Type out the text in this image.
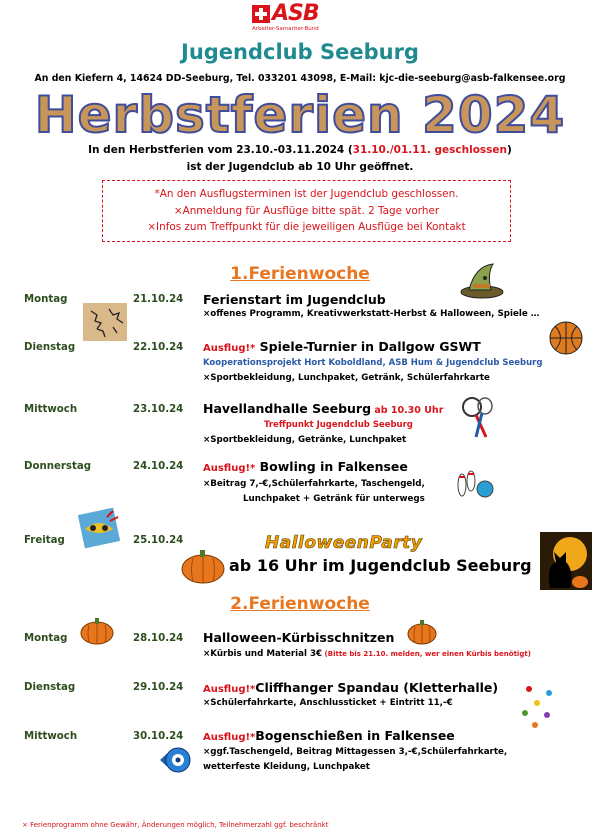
ASB
Arbeiter-Samariter-Bund
Jugendclub Seeburg
An den Kiefern 4, 14624 DD-Seeburg, Tel. 033201 43098, E-Mail: kjc-die-seeburg@asb-falkensee.org
Herbstferien 2024
In den Herbstferien vom 23.10.-03.11.2024 (31.10./01.11. geschlossen)
ist der Jugendclub ab 10 Uhr geöffnet.
*An den Ausflugsterminen ist der Jugendclub geschlossen.
×Anmeldung für Ausflüge bitte spät. 2 Tage vorher
×Infos zum Treffpunkt für die jeweiligen Ausflüge bei Kontakt
1.Ferienwoche
Montag	21.10.24 Ferienstart im Jugendclub
×offenes Programm, Kreativwerkstatt-Herbst & Halloween, Spiele …
Dienstag	22.10.24 Ausflug!* Spiele-Turnier in Dallgow GSWT
Kooperationsprojekt Hort Koboldland, ASB Hum & Jugendclub Seeburg
×Sportbekleidung, Lunchpaket, Getränk, Schülerfahrkarte
Mittwoch	23.10.24 Havellandhalle Seeburg ab 10.30 Uhr
Treffpunkt Jugendclub Seeburg
×Sportbekleidung, Getränke, Lunchpaket
Donnerstag	24.10.24 Ausflug!* Bowling in Falkensee
×Beitrag 7,-€,Schülerfahrkarte, Taschengeld,
Lunchpaket + Getränk für unterwegs
Freitag	25.10.24	HalloweenParty
ab 16 Uhr im Jugendclub Seeburg
2.Ferienwoche
Montag	28.10.24 Halloween-Kürbisschnitzen
×Kürbis und Material 3€ (Bitte bis 21.10. melden, wer einen Kürbis benötigt)
Dienstag	29.10.24 Ausflug!*Cliffhanger Spandau (Kletterhalle)
×Schülerfahrkarte, Anschlussticket + Eintritt 11,-€
Mittwoch	30.10.24 Ausflug!*Bogenschießen in Falkensee
×ggf.Taschengeld, Beitrag Mittagessen 3,-€,Schülerfahrkarte,
wetterfeste Kleidung, Lunchpaket
× Ferienprogramm ohne Gewähr, Änderungen möglich, Teilnehmerzahl ggf. beschränkt
